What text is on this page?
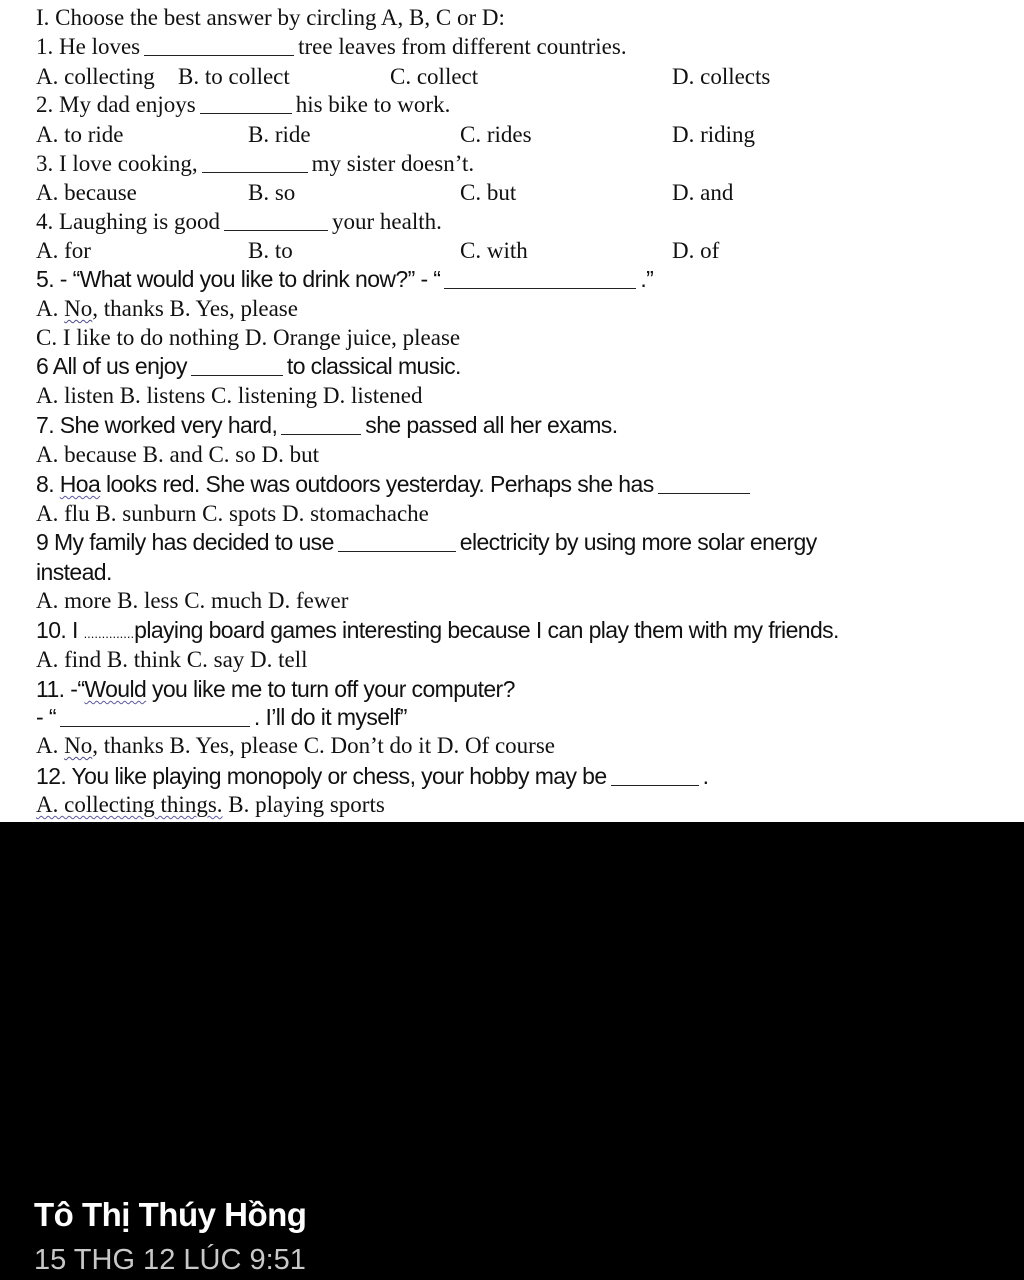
I. Choose the best answer by circling A, B, C or D:
1. He loves	tree leaves from different countries.
A. collecting B. to collect	C. collect	D. collects
2. My dad enjoys	his bike to work.
A. to ride	B. ride	C. rides	D. riding
3. I love cooking,	my sister doesn’t.
A. because	B. so	C. but	D. and
4. Laughing is good	your health.
A. for	B. to	C. with	D. of
5. - “What would you like to drink now?” - “	.”
A. No, thanks B. Yes, please
C. I like to do nothing D. Orange juice, please
6 All of us enjoy	to classical music.
A. listen B. listens C. listening D. listened
7. She worked very hard,	she passed all her exams.
A. because B. and C. so D. but
8. Hoa looks red. She was outdoors yesterday. Perhaps she has
A. flu B. sunburn C. spots D. stomachache
9 My family has decided to use	electricity by using more solar energy
instead.
A. more B. less C. much D. fewer
10. I ..............playing board games interesting because I can play them with my friends.
A. find B. think C. say D. tell
11. -“Would you like me to turn off your computer?
- “	. I’ll do it myself”
A. No, thanks B. Yes, please C. Don’t do it D. Of course
12. You like playing monopoly or chess, your hobby may be	.
A. collecting things. B. playing sports
Tô Thị Thúy Hồng
15 THG 12 LÚC 9:51
